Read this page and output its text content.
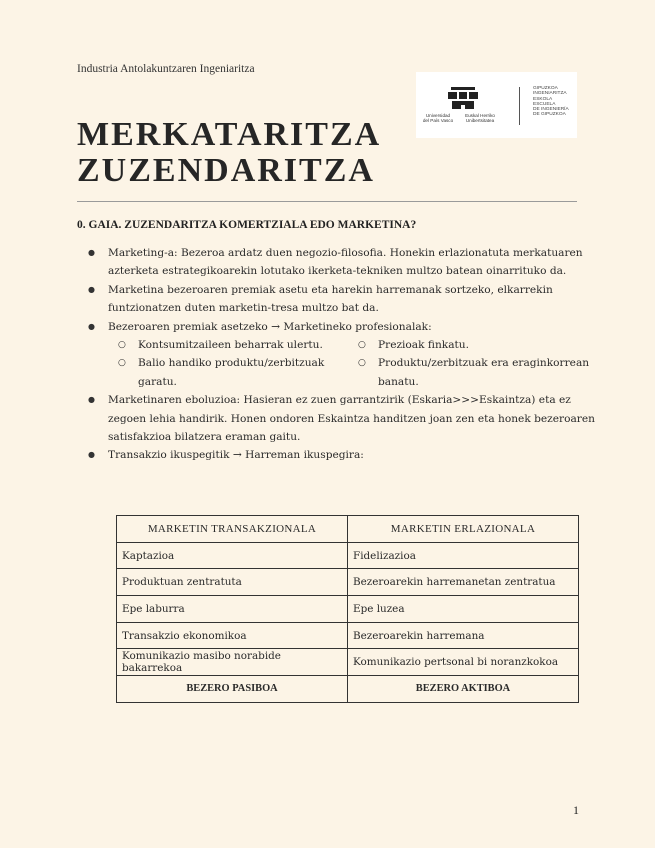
Industria Antolakuntzaren Ingeniaritza
Universidad
del País Vasco
Euskal Herriko
Unibertsitatea
GIPUZKOA
INGENIARITZA
ESKOLA
ESCUELA
DE INGENIERÍA
DE GIPUZKOA
MERKATARITZA
ZUZENDARITZA
0. GAIA. ZUZENDARITZA KOMERTZIALA EDO MARKETINA?
● Marketing-a: Bezeroa ardatz duen negozio-filosofia. Honekin erlazionatuta merkatuaren azterketa estrategikoarekin lotutako ikerketa-tekniken multzo batean oinarrituko da.
● Marketina bezeroaren premiak asetu eta harekin harremanak sortzeko, elkarrekin funtzionatzen duten marketin-tresa multzo bat da.
● Bezeroaren premiak asetzeko → Marketineko profesionalak:
○ Kontsumitzaileen beharrak ulertu.
○ Balio handiko produktu/zerbitzuak garatu.
○ Prezioak finkatu.
○ Produktu/zerbitzuak era eraginkorrean banatu.
● Marketinaren eboluzioa: Hasieran ez zuen garrantzirik (Eskaria>>>Eskaintza) eta ez zegoen lehia handirik. Honen ondoren Eskaintza handitzen joan zen eta honek bezeroaren satisfakzioa bilatzera eraman gaitu.
● Transakzio ikuspegitik → Harreman ikuspegira:
MARKETIN TRANSAKZIONALA	MARKETIN ERLAZIONALA
Kaptazioa	Fidelizazioa
Produktuan zentratuta	Bezeroarekin harremanetan zentratua
Epe laburra	Epe luzea
Transakzio ekonomikoa	Bezeroarekin harremana
Komunikazio masibo norabide bakarrekoa	Komunikazio pertsonal bi noranzkokoa
BEZERO PASIBOA	BEZERO AKTIBOA
1
